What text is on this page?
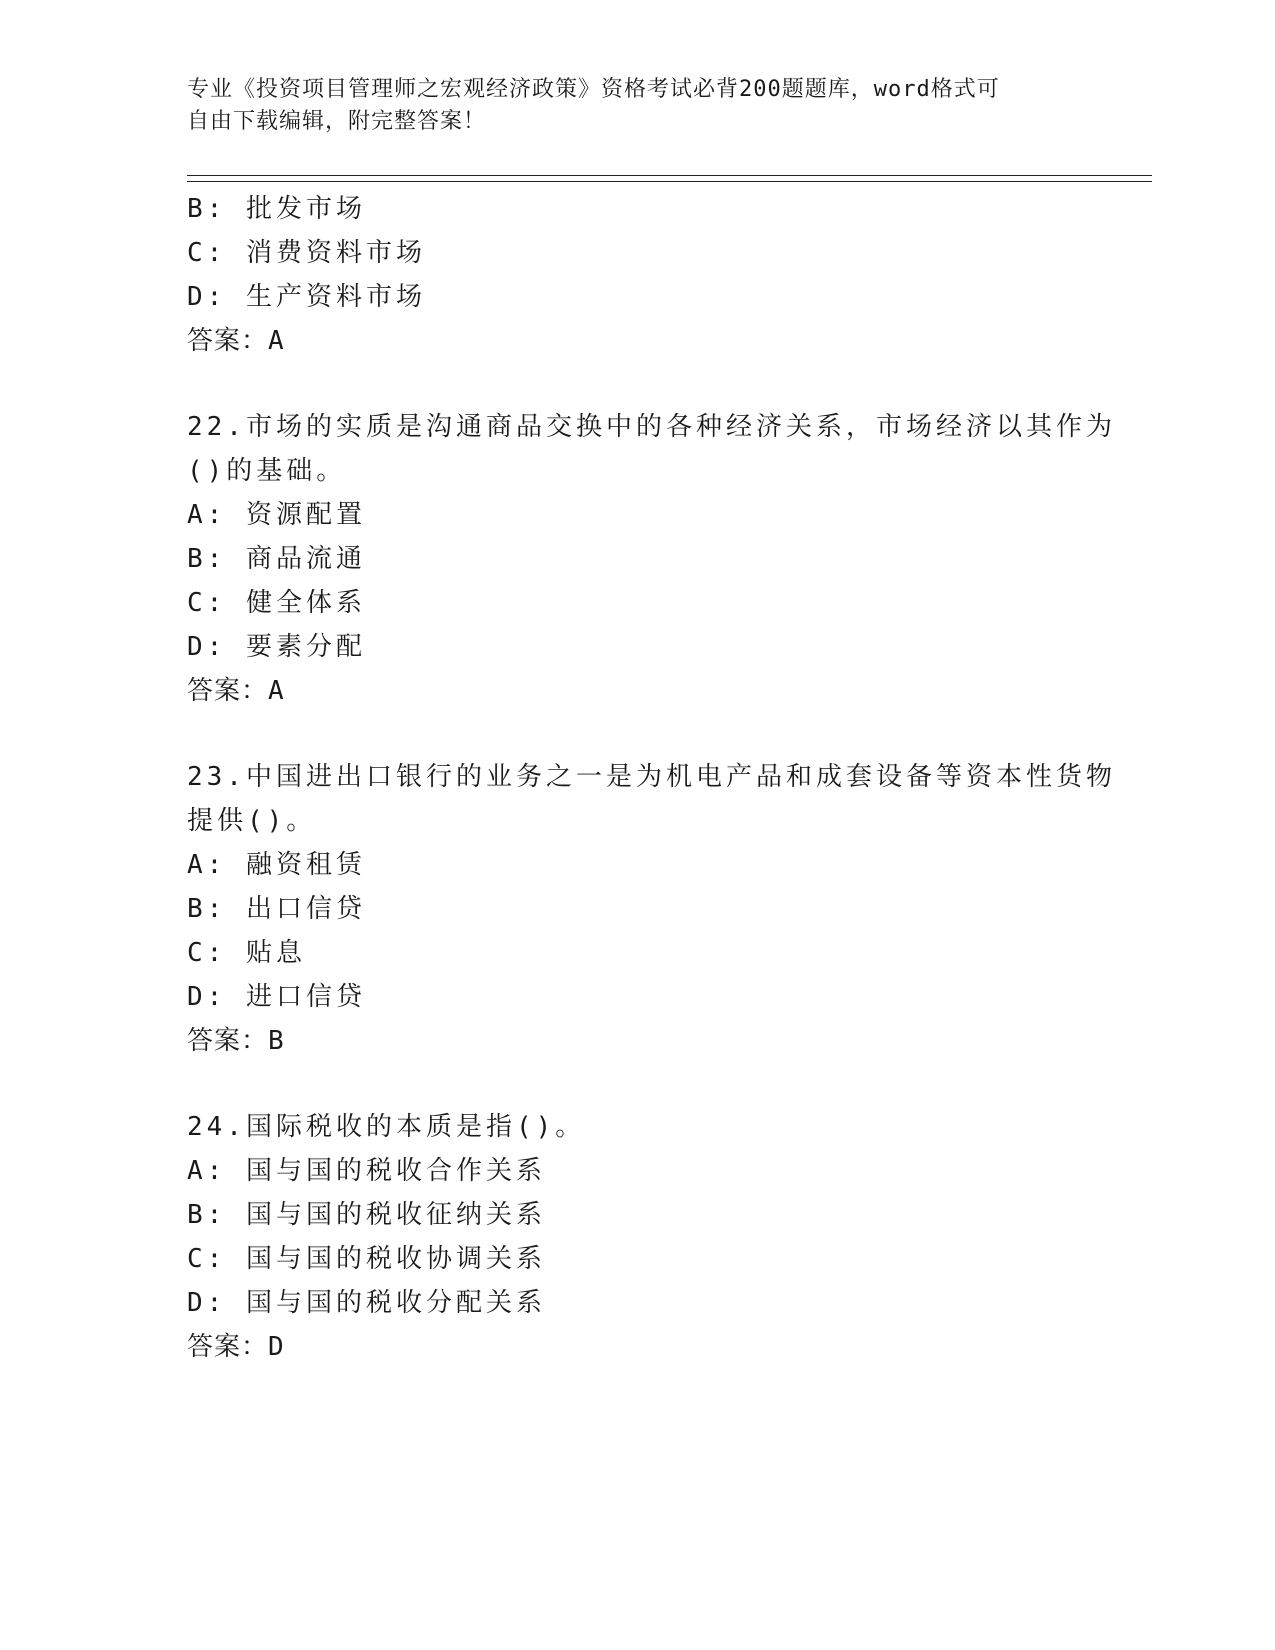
专业《投资项目管理师之宏观经济政策》资格考试必背200题题库，word格式可
自由下载编辑，附完整答案！
B: 批发市场
C: 消费资料市场
D: 生产资料市场
答案：A
22.市场的实质是沟通商品交换中的各种经济关系，市场经济以其作为
()的基础。
A: 资源配置
B: 商品流通
C: 健全体系
D: 要素分配
答案：A
23.中国进出口银行的业务之一是为机电产品和成套设备等资本性货物
提供()。
A: 融资租赁
B: 出口信贷
C: 贴息
D: 进口信贷
答案：B
24.国际税收的本质是指()。
A: 国与国的税收合作关系
B: 国与国的税收征纳关系
C: 国与国的税收协调关系
D: 国与国的税收分配关系
答案：D
